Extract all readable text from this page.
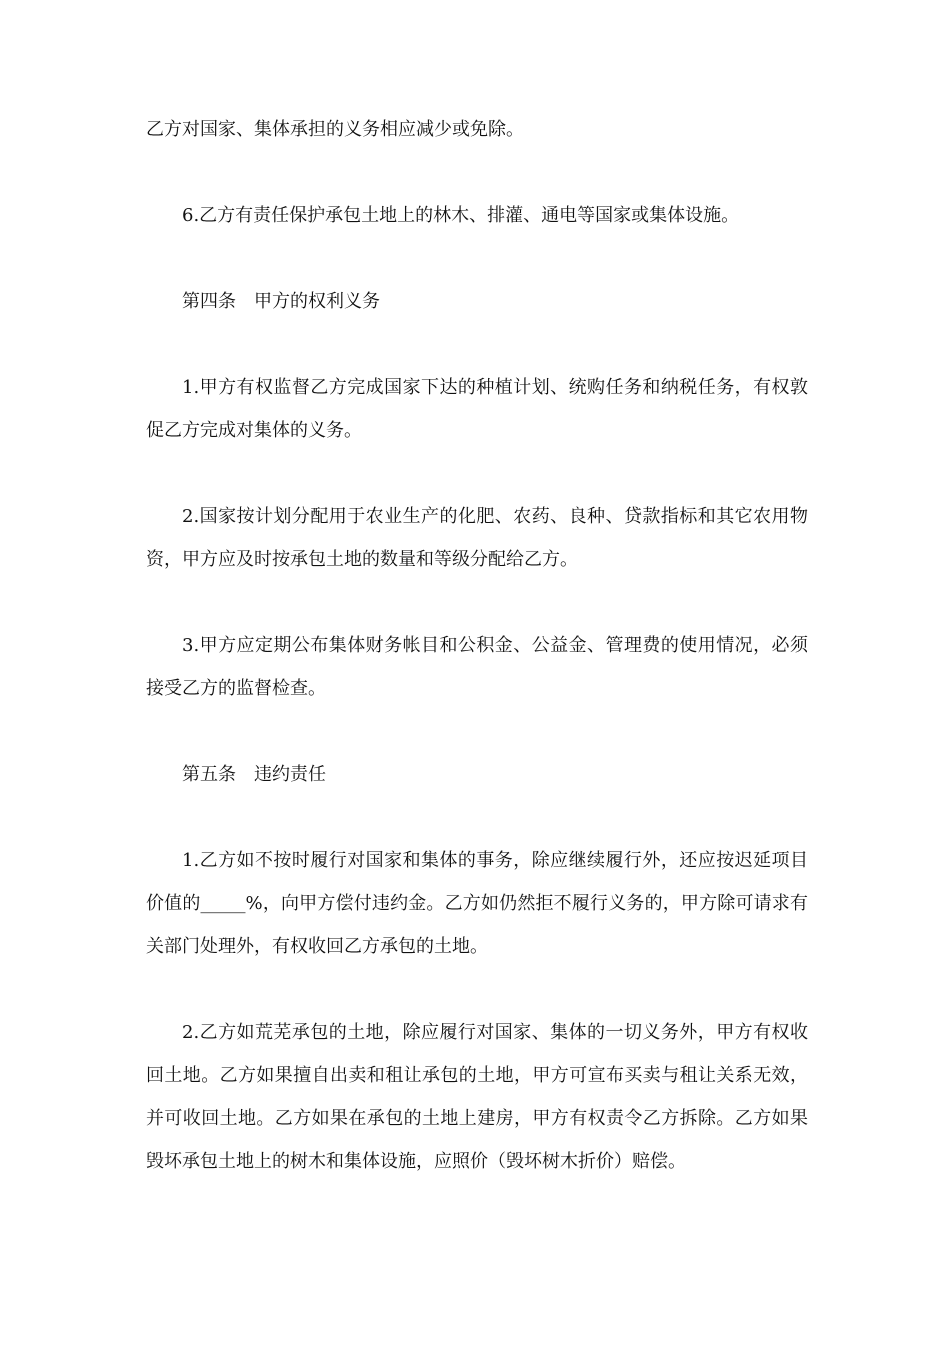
乙方对国家、集体承担的义务相应减少或免除。

6.乙方有责任保护承包土地上的林木、排灌、通电等国家或集体设施。

第四条　甲方的权利义务

1.甲方有权监督乙方完成国家下达的种植计划、统购任务和纳税任务，有权敦促乙方完成对集体的义务。

2.国家按计划分配用于农业生产的化肥、农药、良种、贷款指标和其它农用物资，甲方应及时按承包土地的数量和等级分配给乙方。

3.甲方应定期公布集体财务帐目和公积金、公益金、管理费的使用情况，必须接受乙方的监督检查。

第五条　违约责任

1.乙方如不按时履行对国家和集体的事务，除应继续履行外，还应按迟延项目价值的_____%，向甲方偿付违约金。乙方如仍然拒不履行义务的，甲方除可请求有关部门处理外，有权收回乙方承包的土地。

2.乙方如荒芜承包的土地，除应履行对国家、集体的一切义务外，甲方有权收回土地。乙方如果擅自出卖和租让承包的土地，甲方可宣布买卖与租让关系无效，并可收回土地。乙方如果在承包的土地上建房，甲方有权责令乙方拆除。乙方如果毁坏承包土地上的树木和集体设施，应照价（毁坏树木折价）赔偿。
